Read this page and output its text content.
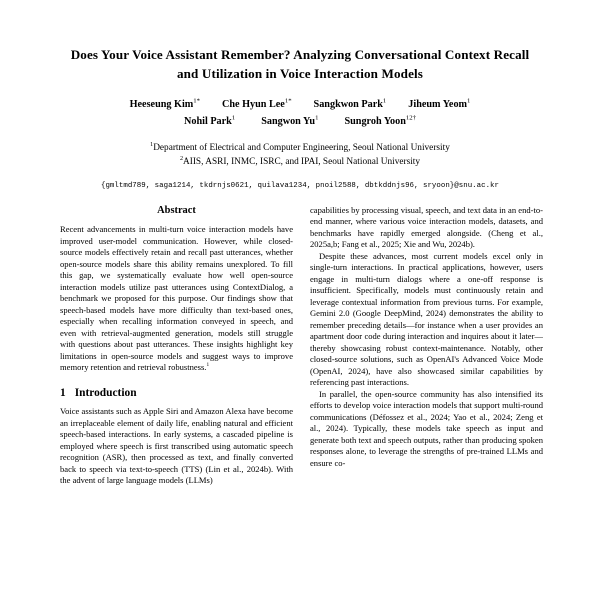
Does Your Voice Assistant Remember? Analyzing Conversational Context Recall and Utilization in Voice Interaction Models
Heeseung Kim$^{1*}$ Che Hyun Lee$^{1*}$ Sangkwon Park$^1$ Jiheum Yeom$^1$
Nohil Park$^1$	Sangwon Yu$^1$	Sungroh Yoon$^{12\dagger}$
$^1$Department of Electrical and Computer Engineering, Seoul National University
$^2$AIIS, ASRI, INMC, ISRC, and IPAI, Seoul National University
{gmltmd789, saga1214, tkdrnjs0621, quilava1234, pnoil2588, dbtkddnjs96, sryoon}@snu.ac.kr
Abstract

Recent advancements in multi-turn voice interaction models have improved user-model communication. However, while closed-source models effectively retain and recall past utterances, whether open-source models share this ability remains unexplored. To fill this gap, we systematically evaluate how well open-source interaction models utilize past utterances using ContextDialog, a benchmark we proposed for this purpose. Our findings show that speech-based models have more difficulty than text-based ones, especially when recalling information conveyed in speech, and even with retrieval-augmented generation, models still struggle with questions about past utterances. These insights highlight key limitations in open-source models and suggest ways to improve memory retention and retrieval robustness.$^1$

1 Introduction

Voice assistants such as Apple Siri and Amazon Alexa have become an irreplaceable element of daily life, enabling natural and efficient speech-based interactions. In early systems, a cascaded pipeline is employed where speech is first transcribed using automatic speech recognition (ASR), then processed as text, and finally converted back to speech via text-to-speech (TTS) (Lin et al., 2024b). With the advent of large language models (LLMs)

capabilities by processing visual, speech, and text data in an end-to-end manner, where various voice interaction models, datasets, and benchmarks have rapidly emerged alongside. (Cheng et al., 2025a,b; Fang et al., 2025; Xie and Wu, 2024b).

Despite these advances, most current models excel only in single-turn interactions. In practical applications, however, users engage in multi-turn dialogs where a one-off response is insufficient. Specifically, models must continuously retain and leverage contextual information from previous turns. For example, Gemini 2.0 (Google DeepMind, 2024) demonstrates the ability to remember preceding details—for instance when a user provides an apartment door code during interaction and inquires about it later—thereby showcasing robust context-maintenance. Notably, other closed-source solutions, such as OpenAI's Advanced Voice Mode (OpenAI, 2024), have also showcased similar capabilities by referencing past interactions.

In parallel, the open-source community has also intensified its efforts to develop voice interaction models that support multi-round communications (Défossez et al., 2024; Yao et al., 2024; Zeng et al., 2024). Typically, these models take speech as input and generate both text and speech outputs, rather than producing spoken responses alone, to leverage the strengths of pre-trained LLMs and ensure co-
